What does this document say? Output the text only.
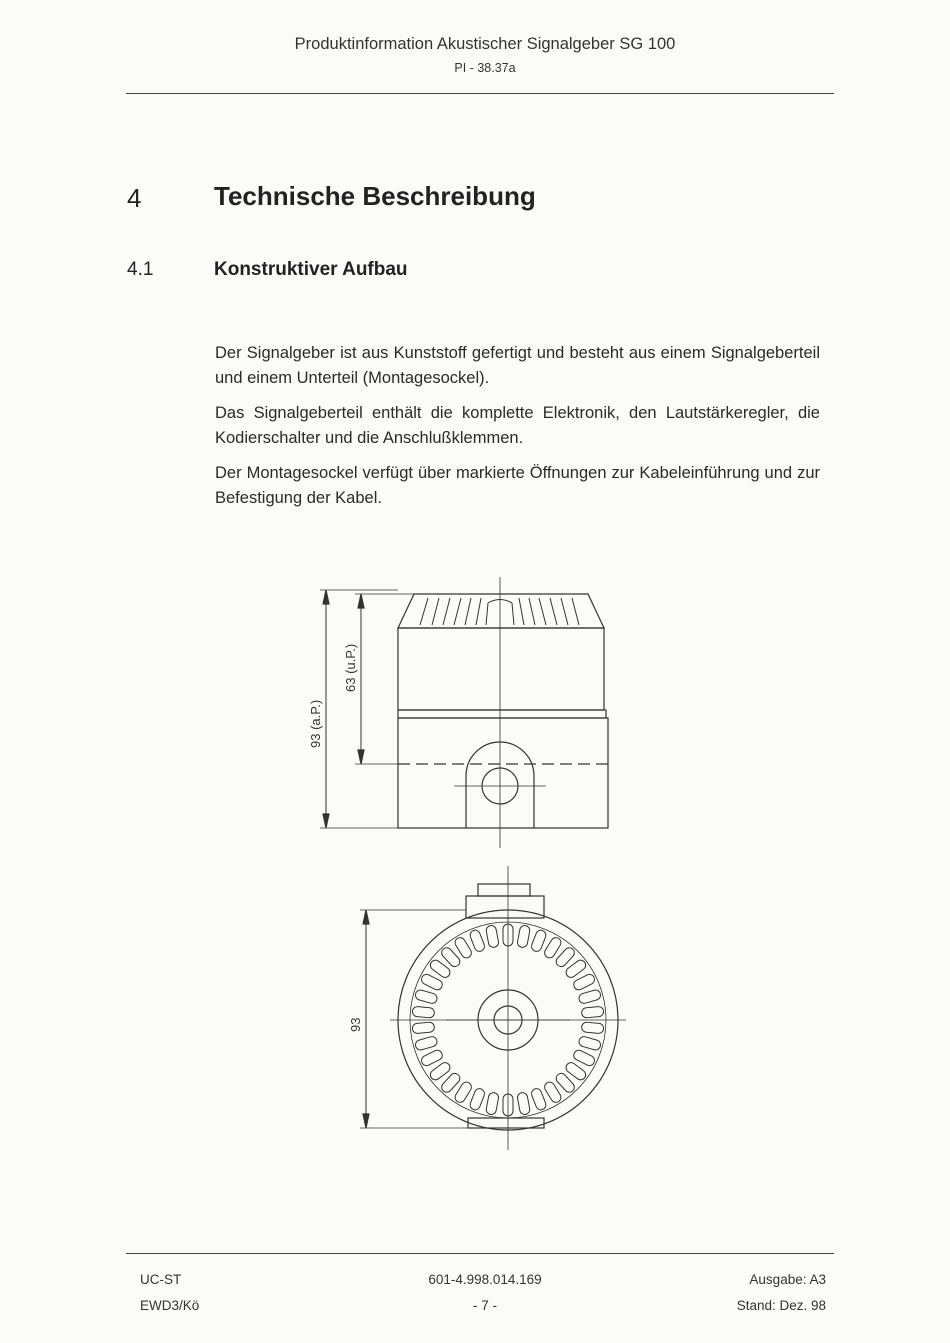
Produktinformation Akustischer Signalgeber SG 100
PI - 38.37a
4	Technische Beschreibung
4.1	Konstruktiver Aufbau
Der Signalgeber ist aus Kunststoff gefertigt und besteht aus einem Signalgeberteil und einem Unterteil (Montagesockel).
Das Signalgeberteil enthält die komplette Elektronik, den Lautstärkeregler, die Kodierschalter und die Anschlußklemmen.
Der Montagesockel verfügt über markierte Öffnungen zur Kabeleinführung und zur Befestigung der Kabel.
93 (a.P.)
63 (u.P.)
93
UC-ST
EWD3/Kö
601-4.998.014.169
- 7 -
Ausgabe: A3
Stand: Dez. 98
